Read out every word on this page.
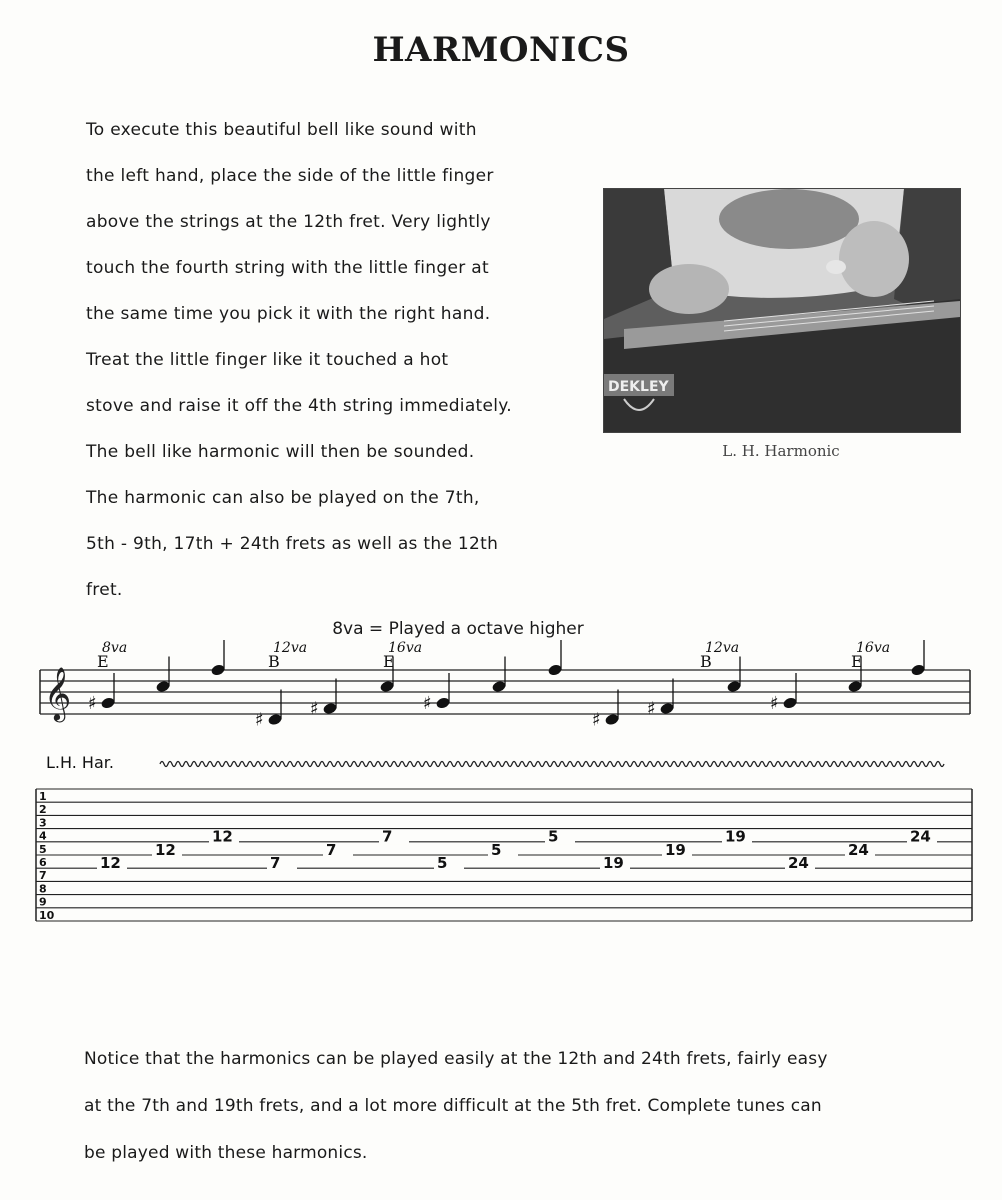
HARMONICS

To execute this beautiful bell like sound with

the left hand, place the side of the little finger

above the strings at the 12th fret. Very lightly

touch the fourth string with the little finger at

the same time you pick it with the right hand.

Treat the little finger like it touched a hot

stove and raise it off the 4th string immediately.

The bell like harmonic will then be sounded.

The harmonic can also be played on the 7th,

5th - 9th, 17th + 24th frets as well as the 12th

fret.

DEKLEY
L. H. Harmonic
8va = Played a octave higher
𝄞 ♯
♯
♯	♯
♯
♯	♯
8va
E
12va
B
16va
E
12va
B
16va
E
L.H. Har.
1
2
3
4
5
6
7
8
9
10
12
12
12
7
7
7
5
5
5
19
19
19
24
24
24

Notice that the harmonics can be played easily at the 12th and 24th frets, fairly easy

at the 7th and 19th frets, and a lot more difficult at the 5th fret. Complete tunes can

be played with these harmonics.
